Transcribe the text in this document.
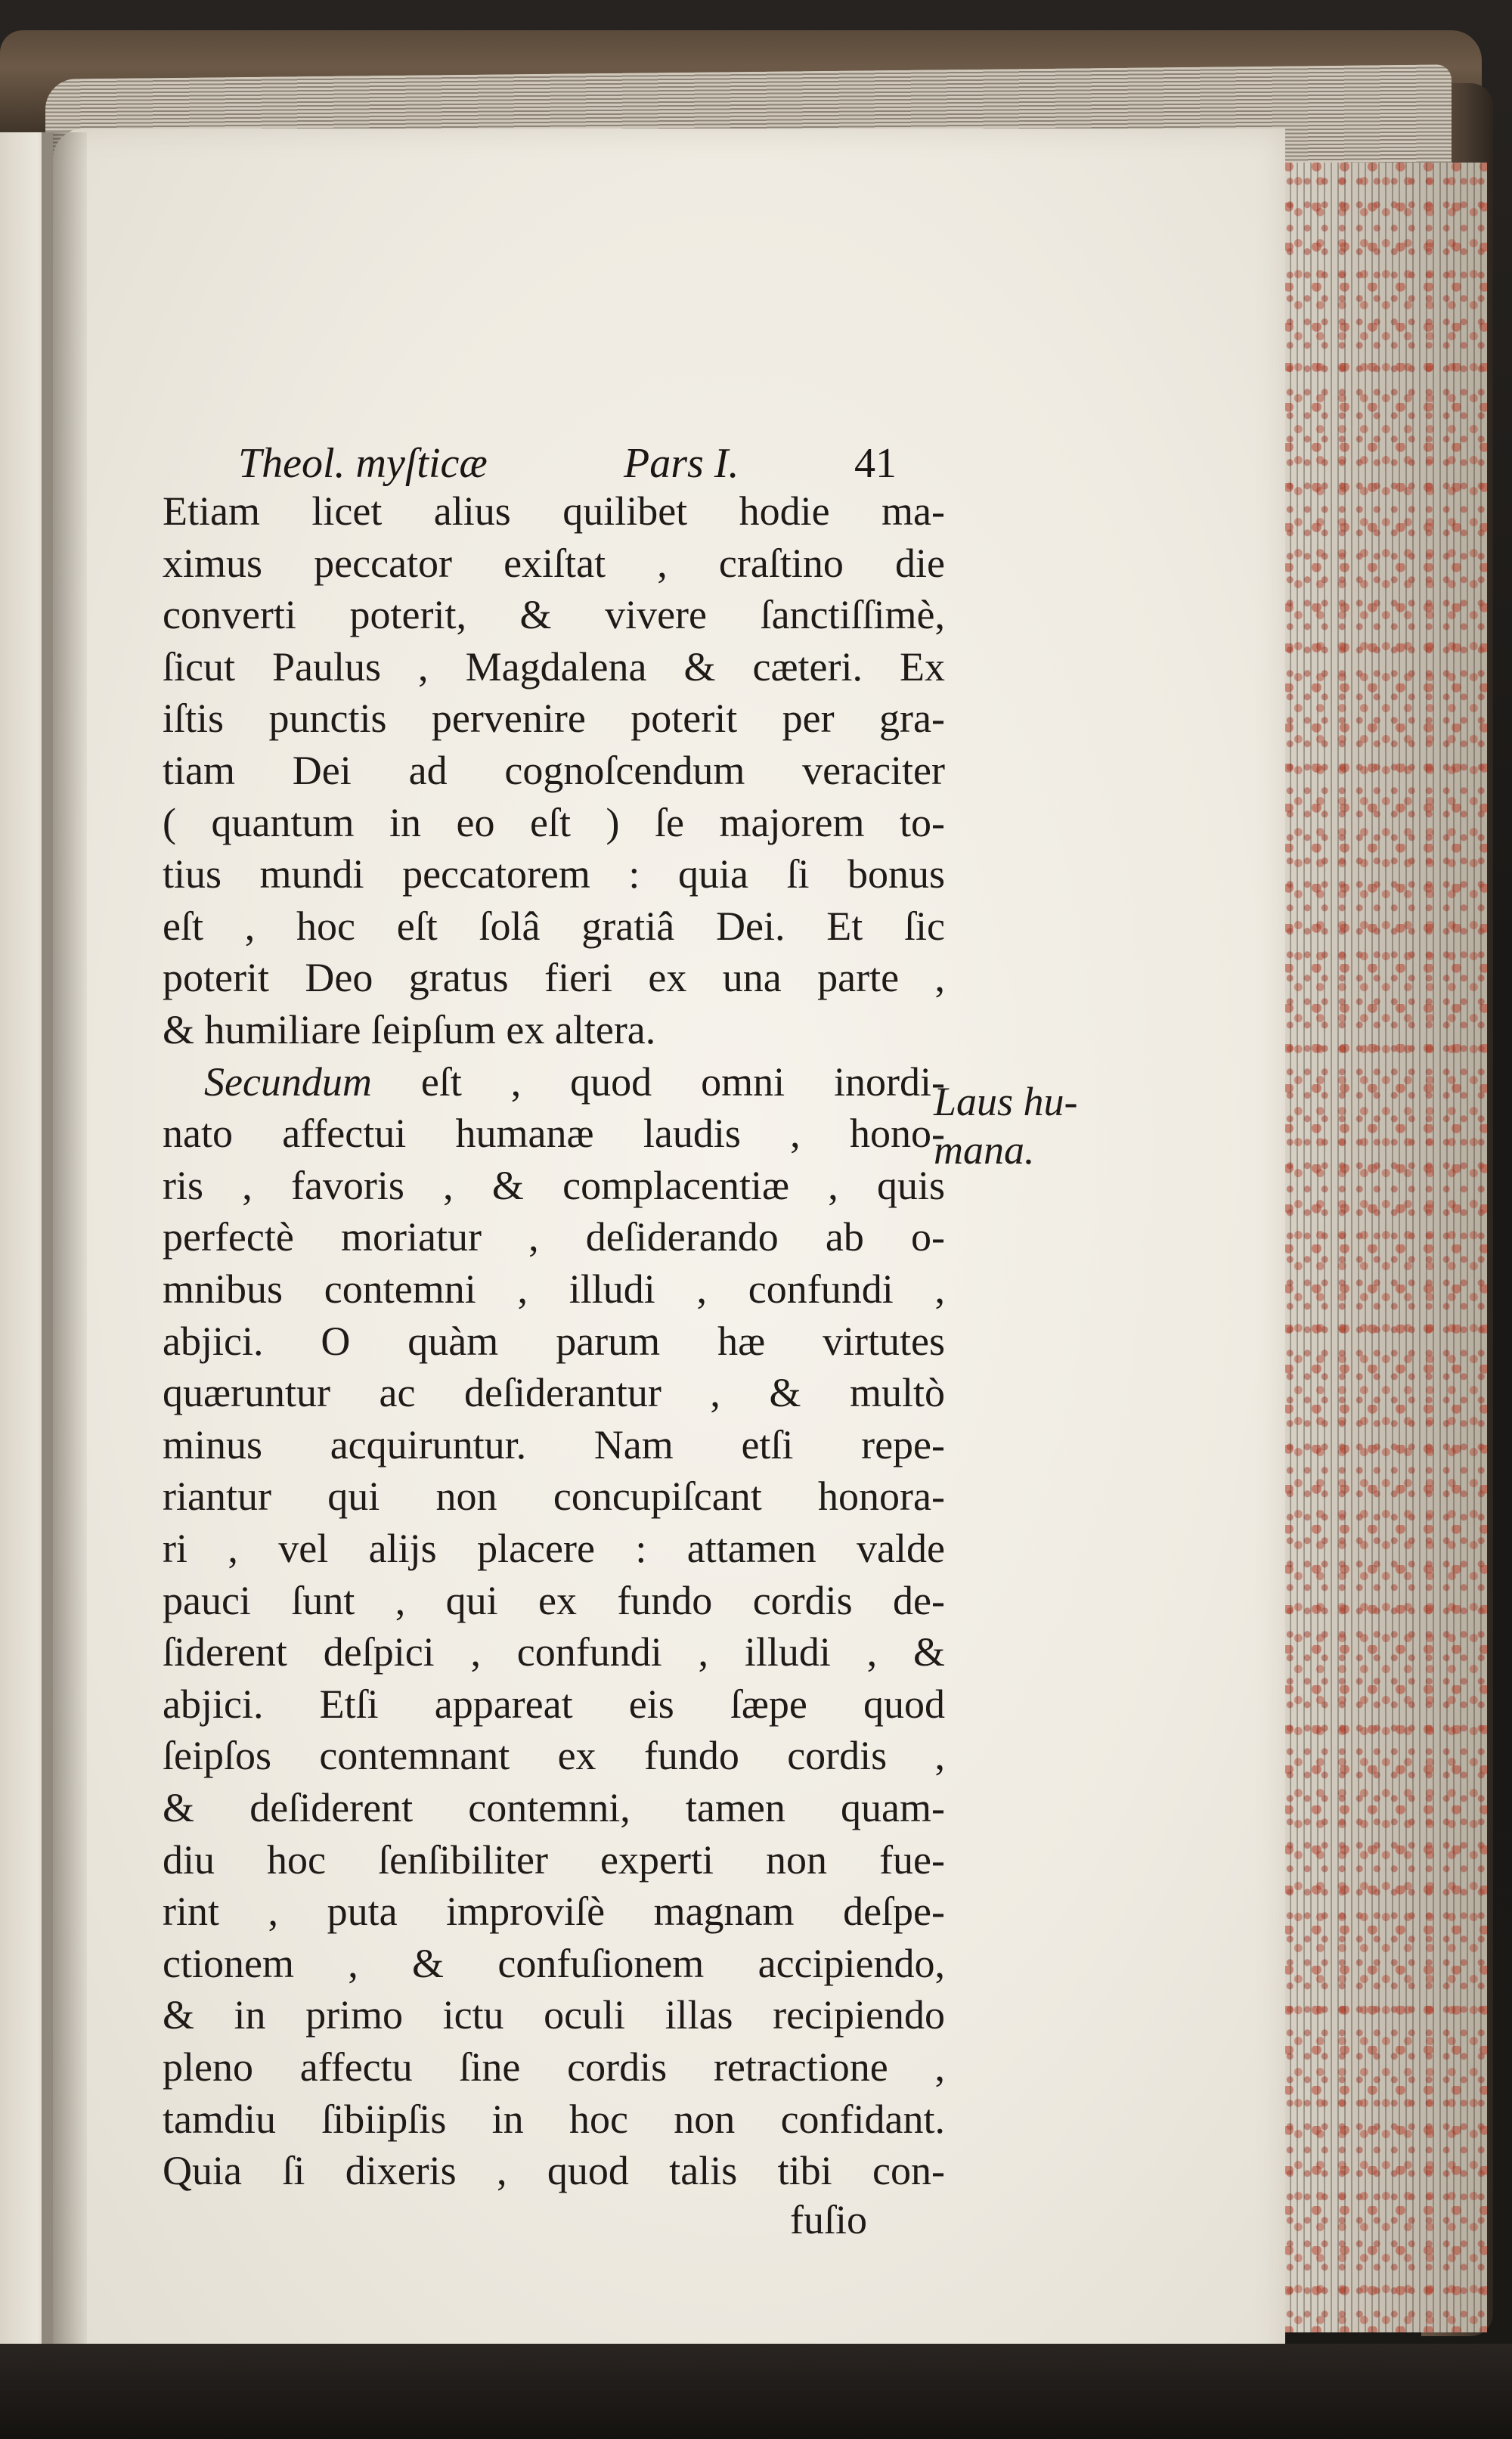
Theol. myſticæ	Pars I.	41
Etiam licet alius quilibet hodie ma-
ximus peccator exiſtat , craſtino die
converti poterit, & vivere ſanctiſſimè,
ſicut Paulus , Magdalena & cæteri. Ex
iſtis punctis pervenire poterit per gra-
tiam Dei ad cognoſcendum veraciter
( quantum in eo eſt ) ſe majorem to-
tius mundi peccatorem : quia ſi bonus
eſt , hoc eſt ſolâ gratiâ Dei. Et ſic
poterit Deo gratus fieri ex una parte ,
& humiliare ſeipſum ex altera.
Secundum eſt , quod omni inordi-
nato affectui humanæ laudis , hono-
ris , favoris , & complacentiæ , quis
perfectè moriatur , deſiderando ab o-
mnibus contemni , illudi , confundi ,
abjici. O quàm parum hæ virtutes
quæruntur ac deſiderantur , & multò
minus acquiruntur. Nam etſi repe-
riantur qui non concupiſcant honora-
ri , vel alijs placere : attamen valde
pauci ſunt , qui ex fundo cordis de-
ſiderent deſpici , confundi , illudi , &
abjici. Etſi appareat eis ſæpe quod
ſeipſos contemnant ex fundo cordis ,
& deſiderent contemni, tamen quam-
diu hoc ſenſibiliter experti non fue-
rint , puta improviſè magnam deſpe-
ctionem , & confuſionem accipiendo,
& in primo ictu oculi illas recipiendo
pleno affectu ſine cordis retractione ,
tamdiu ſibiipſis in hoc non confidant.
Quia ſi dixeris , quod talis tibi con-
Laus hu-
mana.
fuſio
